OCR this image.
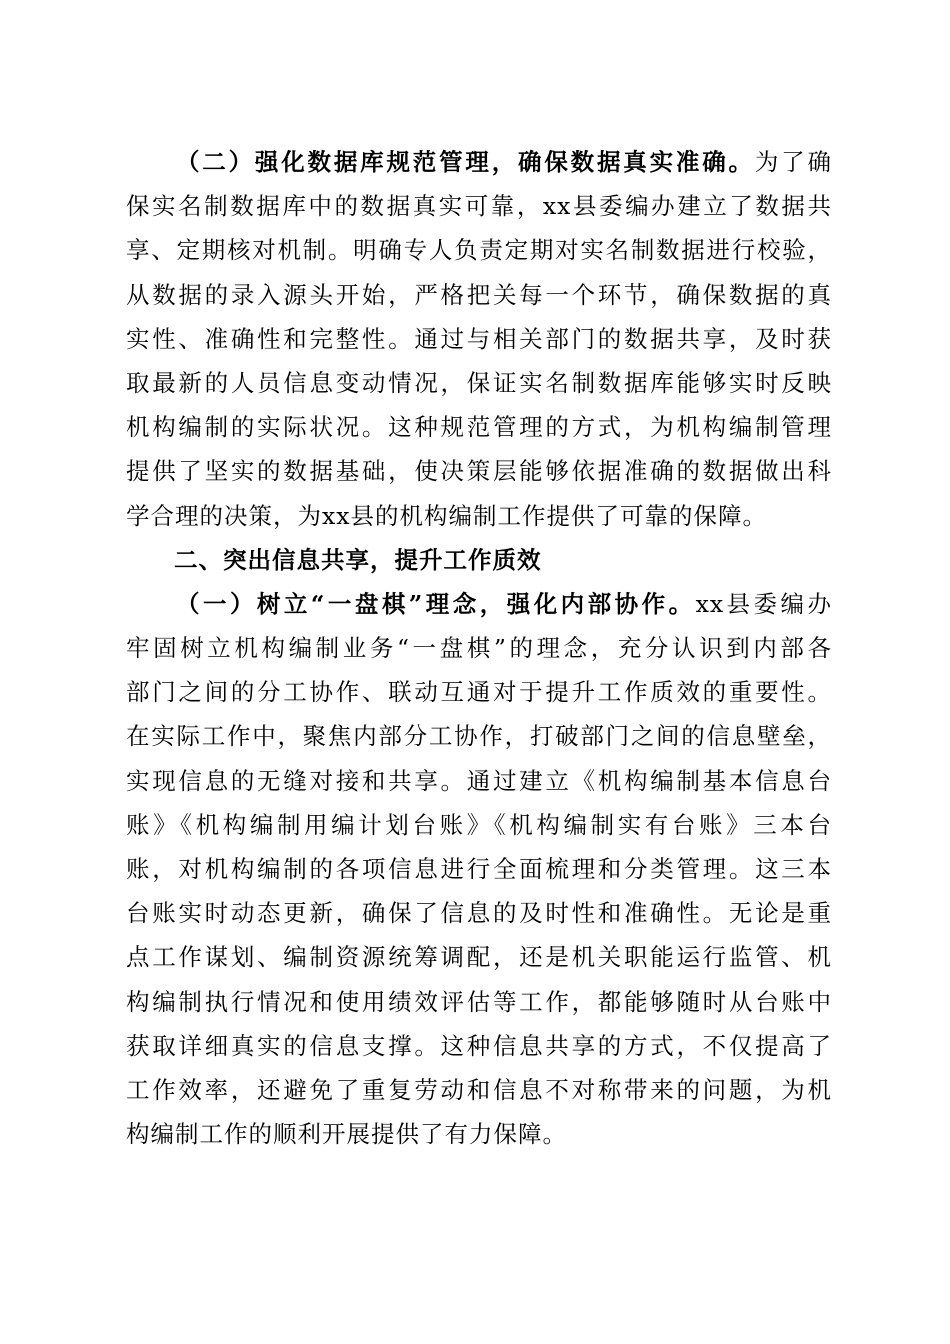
（二）强化数据库规范管理，确保数据真实准确。为了确
保实名制数据库中的数据真实可靠，xx县委编办建立了数据共
享、定期核对机制。明确专人负责定期对实名制数据进行校验，
从数据的录入源头开始，严格把关每一个环节，确保数据的真
实性、准确性和完整性。通过与相关部门的数据共享，及时获
取最新的人员信息变动情况，保证实名制数据库能够实时反映
机构编制的实际状况。这种规范管理的方式，为机构编制管理
提供了坚实的数据基础，使决策层能够依据准确的数据做出科
学合理的决策，为xx县的机构编制工作提供了可靠的保障。
二、突出信息共享，提升工作质效
（一）树立“一盘棋”理念，强化内部协作。xx县委编办
牢固树立机构编制业务“一盘棋”的理念，充分认识到内部各
部门之间的分工协作、联动互通对于提升工作质效的重要性。
在实际工作中，聚焦内部分工协作，打破部门之间的信息壁垒，
实现信息的无缝对接和共享。通过建立《机构编制基本信息台
账》《机构编制用编计划台账》《机构编制实有台账》三本台
账，对机构编制的各项信息进行全面梳理和分类管理。这三本
台账实时动态更新，确保了信息的及时性和准确性。无论是重
点工作谋划、编制资源统筹调配，还是机关职能运行监管、机
构编制执行情况和使用绩效评估等工作，都能够随时从台账中
获取详细真实的信息支撑。这种信息共享的方式，不仅提高了
工作效率，还避免了重复劳动和信息不对称带来的问题，为机
构编制工作的顺利开展提供了有力保障。
